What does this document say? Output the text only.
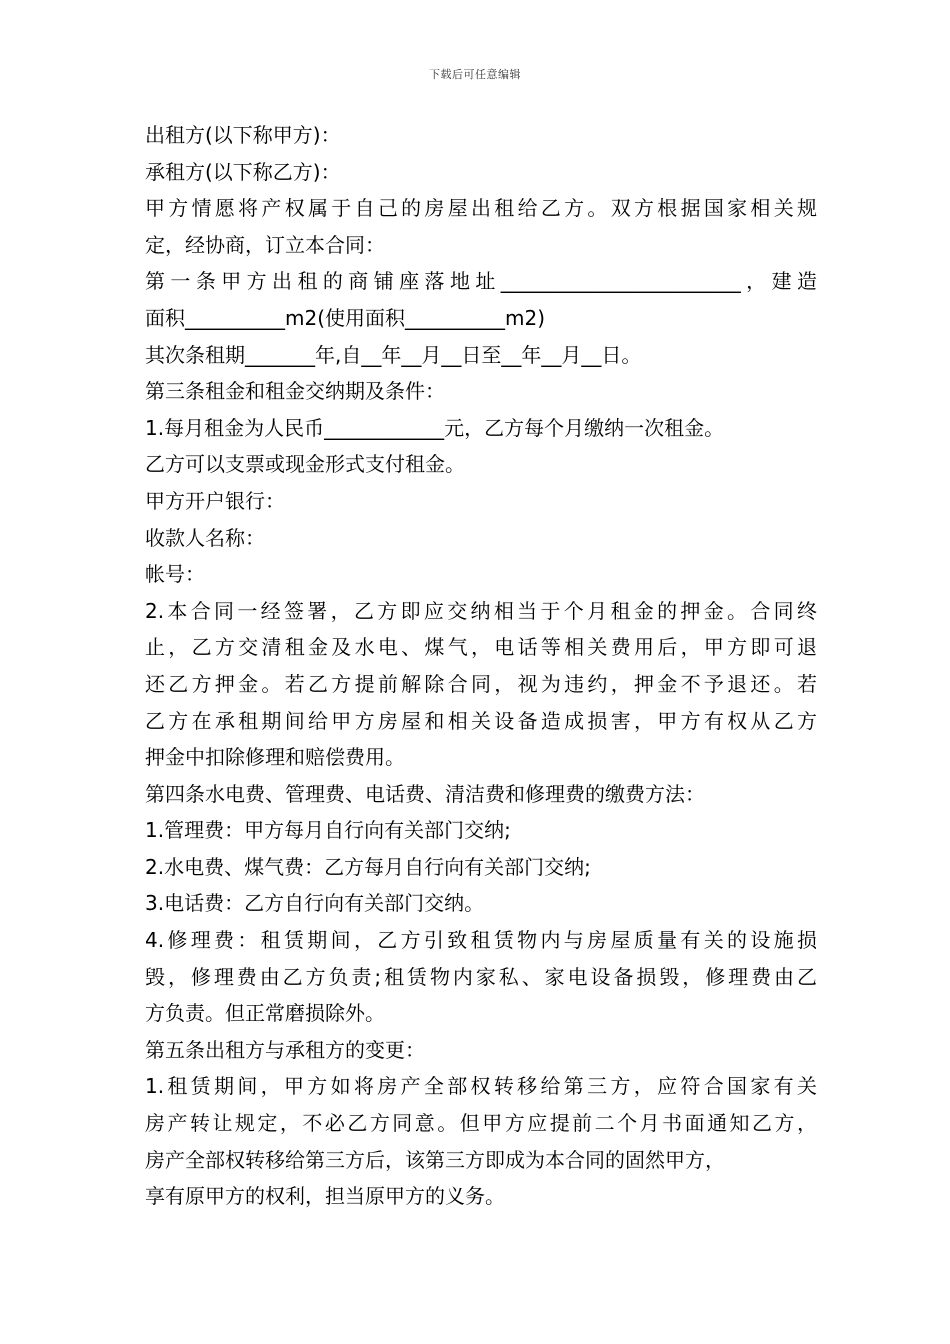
下载后可任意编辑
出租方(以下称甲方)：
承租方(以下称乙方)：
甲方情愿将产权属于自己的房屋出租给乙方。双方根据国家相关规
定，经协商，订立本合同：
第一条甲方出租的商铺座落地址________________________，建造
面积__________m2(使用面积__________m2)
其次条租期_______年,自__年__月__日至__年__月__日。
第三条租金和租金交纳期及条件：
1.每月租金为人民币____________元，乙方每个月缴纳一次租金。
乙方可以支票或现金形式支付租金。
甲方开户银行：
收款人名称：
帐号：
2.本合同一经签署，乙方即应交纳相当于个月租金的押金。合同终
止，乙方交清租金及水电、煤气，电话等相关费用后，甲方即可退
还乙方押金。若乙方提前解除合同，视为违约，押金不予退还。若
乙方在承租期间给甲方房屋和相关设备造成损害，甲方有权从乙方
押金中扣除修理和赔偿费用。
第四条水电费、管理费、电话费、清洁费和修理费的缴费方法：
1.管理费：甲方每月自行向有关部门交纳;
2.水电费、煤气费：乙方每月自行向有关部门交纳;
3.电话费：乙方自行向有关部门交纳。
4.修理费：租赁期间，乙方引致租赁物内与房屋质量有关的设施损
毁，修理费由乙方负责;租赁物内家私、家电设备损毁，修理费由乙
方负责。但正常磨损除外。
第五条出租方与承租方的变更：
1.租赁期间，甲方如将房产全部权转移给第三方，应符合国家有关
房产转让规定，不必乙方同意。但甲方应提前二个月书面通知乙方，
房产全部权转移给第三方后，该第三方即成为本合同的固然甲方，
享有原甲方的权利，担当原甲方的义务。
